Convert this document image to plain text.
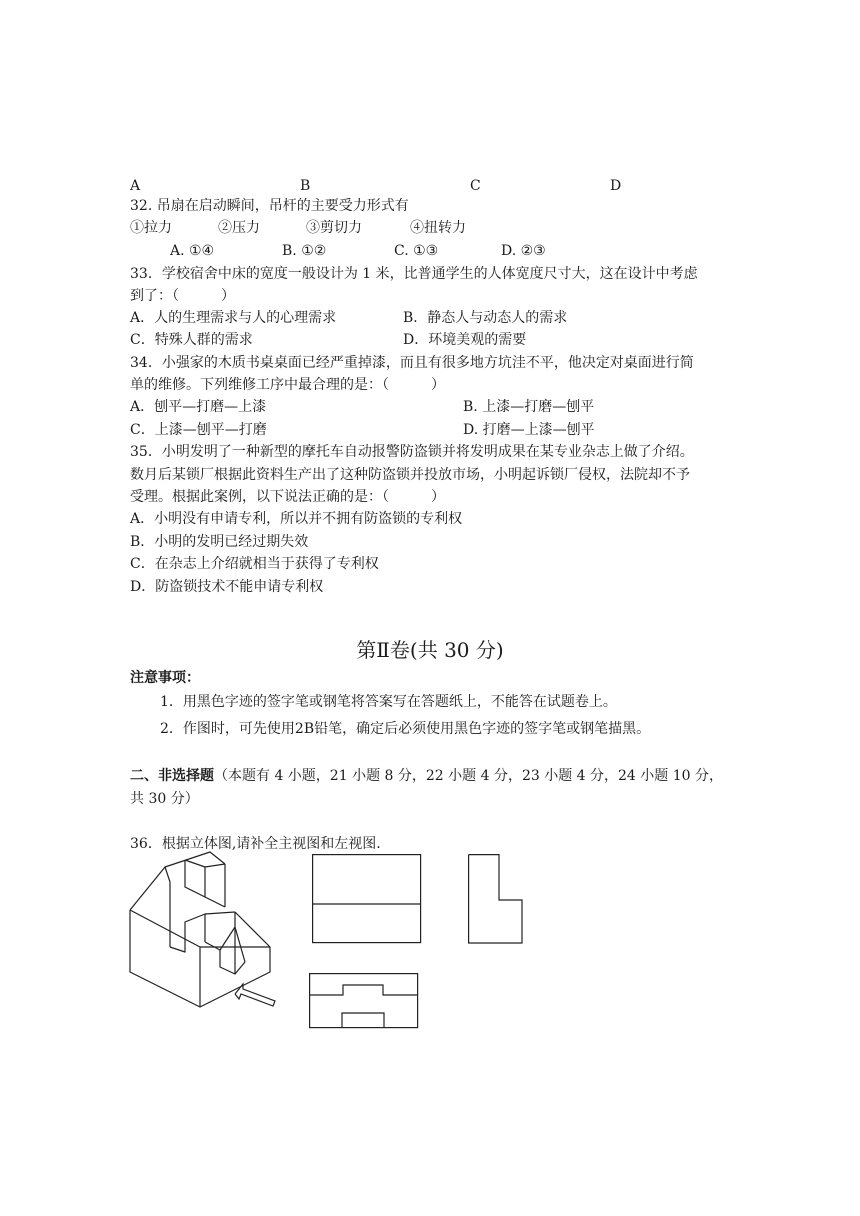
A	B	C	D
32. 吊扇在启动瞬间，吊杆的主要受力形式有
①拉力	②压力	③剪切力	④扭转力
A. ①④	B. ①②	C. ①③	D. ②③
33．学校宿舍中床的宽度一般设计为 1 米，比普通学生的人体宽度尺寸大，这在设计中考虑
到了：（　　　）
A．人的生理需求与人的心理需求	B．静态人与动态人的需求
C．特殊人群的需求	D．环境美观的需要
34．小强家的木质书桌桌面已经严重掉漆，而且有很多地方坑洼不平，他决定对桌面进行简
单的维修。下列维修工序中最合理的是：（　　　）
A．刨平—打磨—上漆	B. 上漆—打磨—刨平
C．上漆—刨平—打磨	D. 打磨—上漆—刨平
35．小明发明了一种新型的摩托车自动报警防盗锁并将发明成果在某专业杂志上做了介绍。
数月后某锁厂根据此资料生产出了这种防盗锁并投放市场，小明起诉锁厂侵权，法院却不予
受理。根据此案例，以下说法正确的是：（　　　）
A．小明没有申请专利，所以并不拥有防盗锁的专利权
B．小明的发明已经过期失效
C．在杂志上介绍就相当于获得了专利权
D．防盗锁技术不能申请专利权
第Ⅱ卷(共 30 分)
注意事项：
1．用黑色字迹的签字笔或钢笔将答案写在答题纸上，不能答在试题卷上。
2．作图时，可先使用2B铅笔，确定后必须使用黑色字迹的签字笔或钢笔描黑。
二、非选择题（本题有 4 小题，21 小题 8 分，22 小题 4 分，23 小题 4 分，24 小题 10 分，
共 30 分）
36．根据立体图,请补全主视图和左视图.
